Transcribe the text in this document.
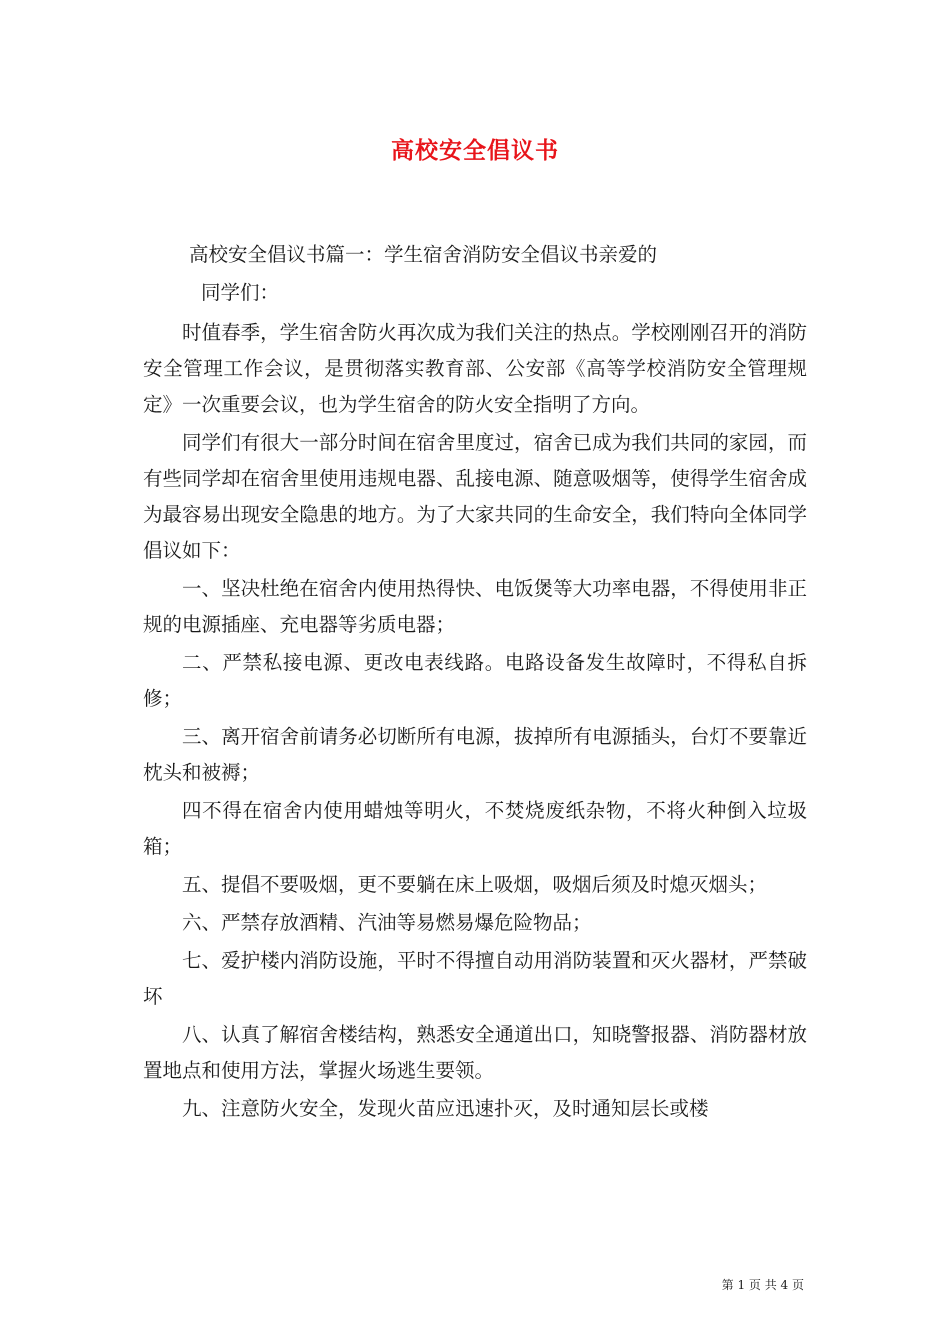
高校安全倡议书

高校安全倡议书篇一：学生宿舍消防安全倡议书亲爱的

同学们：

时值春季，学生宿舍防火再次成为我们关注的热点。学校刚刚召开的消防安全管理工作会议，是贯彻落实教育部、公安部《高等学校消防安全管理规定》一次重要会议，也为学生宿舍的防火安全指明了方向。

同学们有很大一部分时间在宿舍里度过，宿舍已成为我们共同的家园，而有些同学却在宿舍里使用违规电器、乱接电源、随意吸烟等，使得学生宿舍成为最容易出现安全隐患的地方。为了大家共同的生命安全，我们特向全体同学倡议如下：

一、坚决杜绝在宿舍内使用热得快、电饭煲等大功率电器，不得使用非正规的电源插座、充电器等劣质电器；

二、严禁私接电源、更改电表线路。电路设备发生故障时，不得私自拆修；

三、离开宿舍前请务必切断所有电源，拔掉所有电源插头，台灯不要靠近枕头和被褥；

四不得在宿舍内使用蜡烛等明火，不焚烧废纸杂物，不将火种倒入垃圾箱；

五、提倡不要吸烟，更不要躺在床上吸烟，吸烟后须及时熄灭烟头；

六、严禁存放酒精、汽油等易燃易爆危险物品；

七、爱护楼内消防设施，平时不得擅自动用消防装置和灭火器材，严禁破坏

八、认真了解宿舍楼结构，熟悉安全通道出口，知晓警报器、消防器材放置地点和使用方法，掌握火场逃生要领。

九、注意防火安全，发现火苗应迅速扑灭，及时通知层长或楼

第 1 页 共 4 页
